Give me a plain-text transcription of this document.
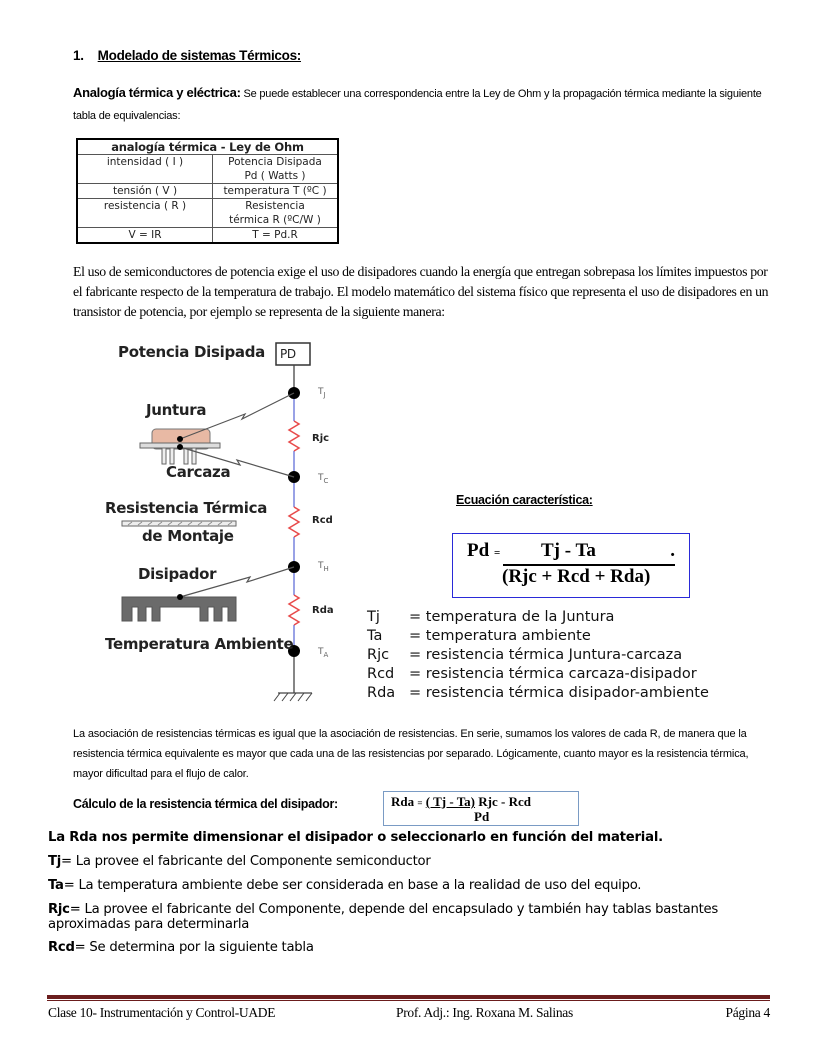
1. Modelado de sistemas Térmicos:
Analogía térmica y eléctrica: Se puede establecer una correspondencia entre la Ley de Ohm y la propagación térmica mediante la siguiente tabla de equivalencias:
analogía térmica - Ley de Ohm	
intensidad ( I )	Potencia Disipada
Pd ( Watts )

tensión ( V )	temperatura T (ºC )
resistencia ( R )	Resistencia
térmica R (ºC/W )

V = IR	T = Pd.R
El uso de semiconductores de potencia exige el uso de disipadores cuando la energía que entregan sobrepasa los límites impuestos por el fabricante respecto de la temperatura de trabajo. El modelo matemático del sistema físico que representa el uso de disipadores en un transistor de potencia, por ejemplo se representa de la siguiente manera:
Potencia Disipada PD
Juntura
Carcaza
Resistencia Térmica
de Montaje
Disipador
Temperatura Ambiente
$T_J$
$T_C$
$T_H$
$T_A$
Rjc
Rcd
Rda
Ecuación característica:
Pd = Tj - Ta	.
(Rjc + Rcd + Rda)
Tj	= temperatura de la Juntura
Ta	= temperatura ambiente
Rjc	= resistencia térmica Juntura-carcaza
Rcd	= resistencia térmica carcaza-disipador
Rda = resistencia térmica disipador-ambiente
La asociación de resistencias térmicas es igual que la asociación de resistencias. En serie, sumamos los valores de cada R, de manera que la resistencia térmica equivalente es mayor que cada una de las resistencias por separado. Lógicamente, cuanto mayor es la resistencia térmica, mayor dificultad para el flujo de calor.
Cálculo de la resistencia térmica del disipador:	Rda = ( Tj - Ta) Rjc - Rcd
Pd
La Rda nos permite dimensionar el disipador o seleccionarlo en función del material.
Tj= La provee el fabricante del Componente semiconductor
Ta= La temperatura ambiente debe ser considerada en base a la realidad de uso del equipo.
Rjc= La provee el fabricante del Componente, depende del encapsulado y también hay tablas bastantes
aproximadas para determinarla
Rcd= Se determina por la siguiente tabla
Clase 10- Instrumentación y Control-UADE	Prof. Adj.: Ing. Roxana M. Salinas	Página 4
